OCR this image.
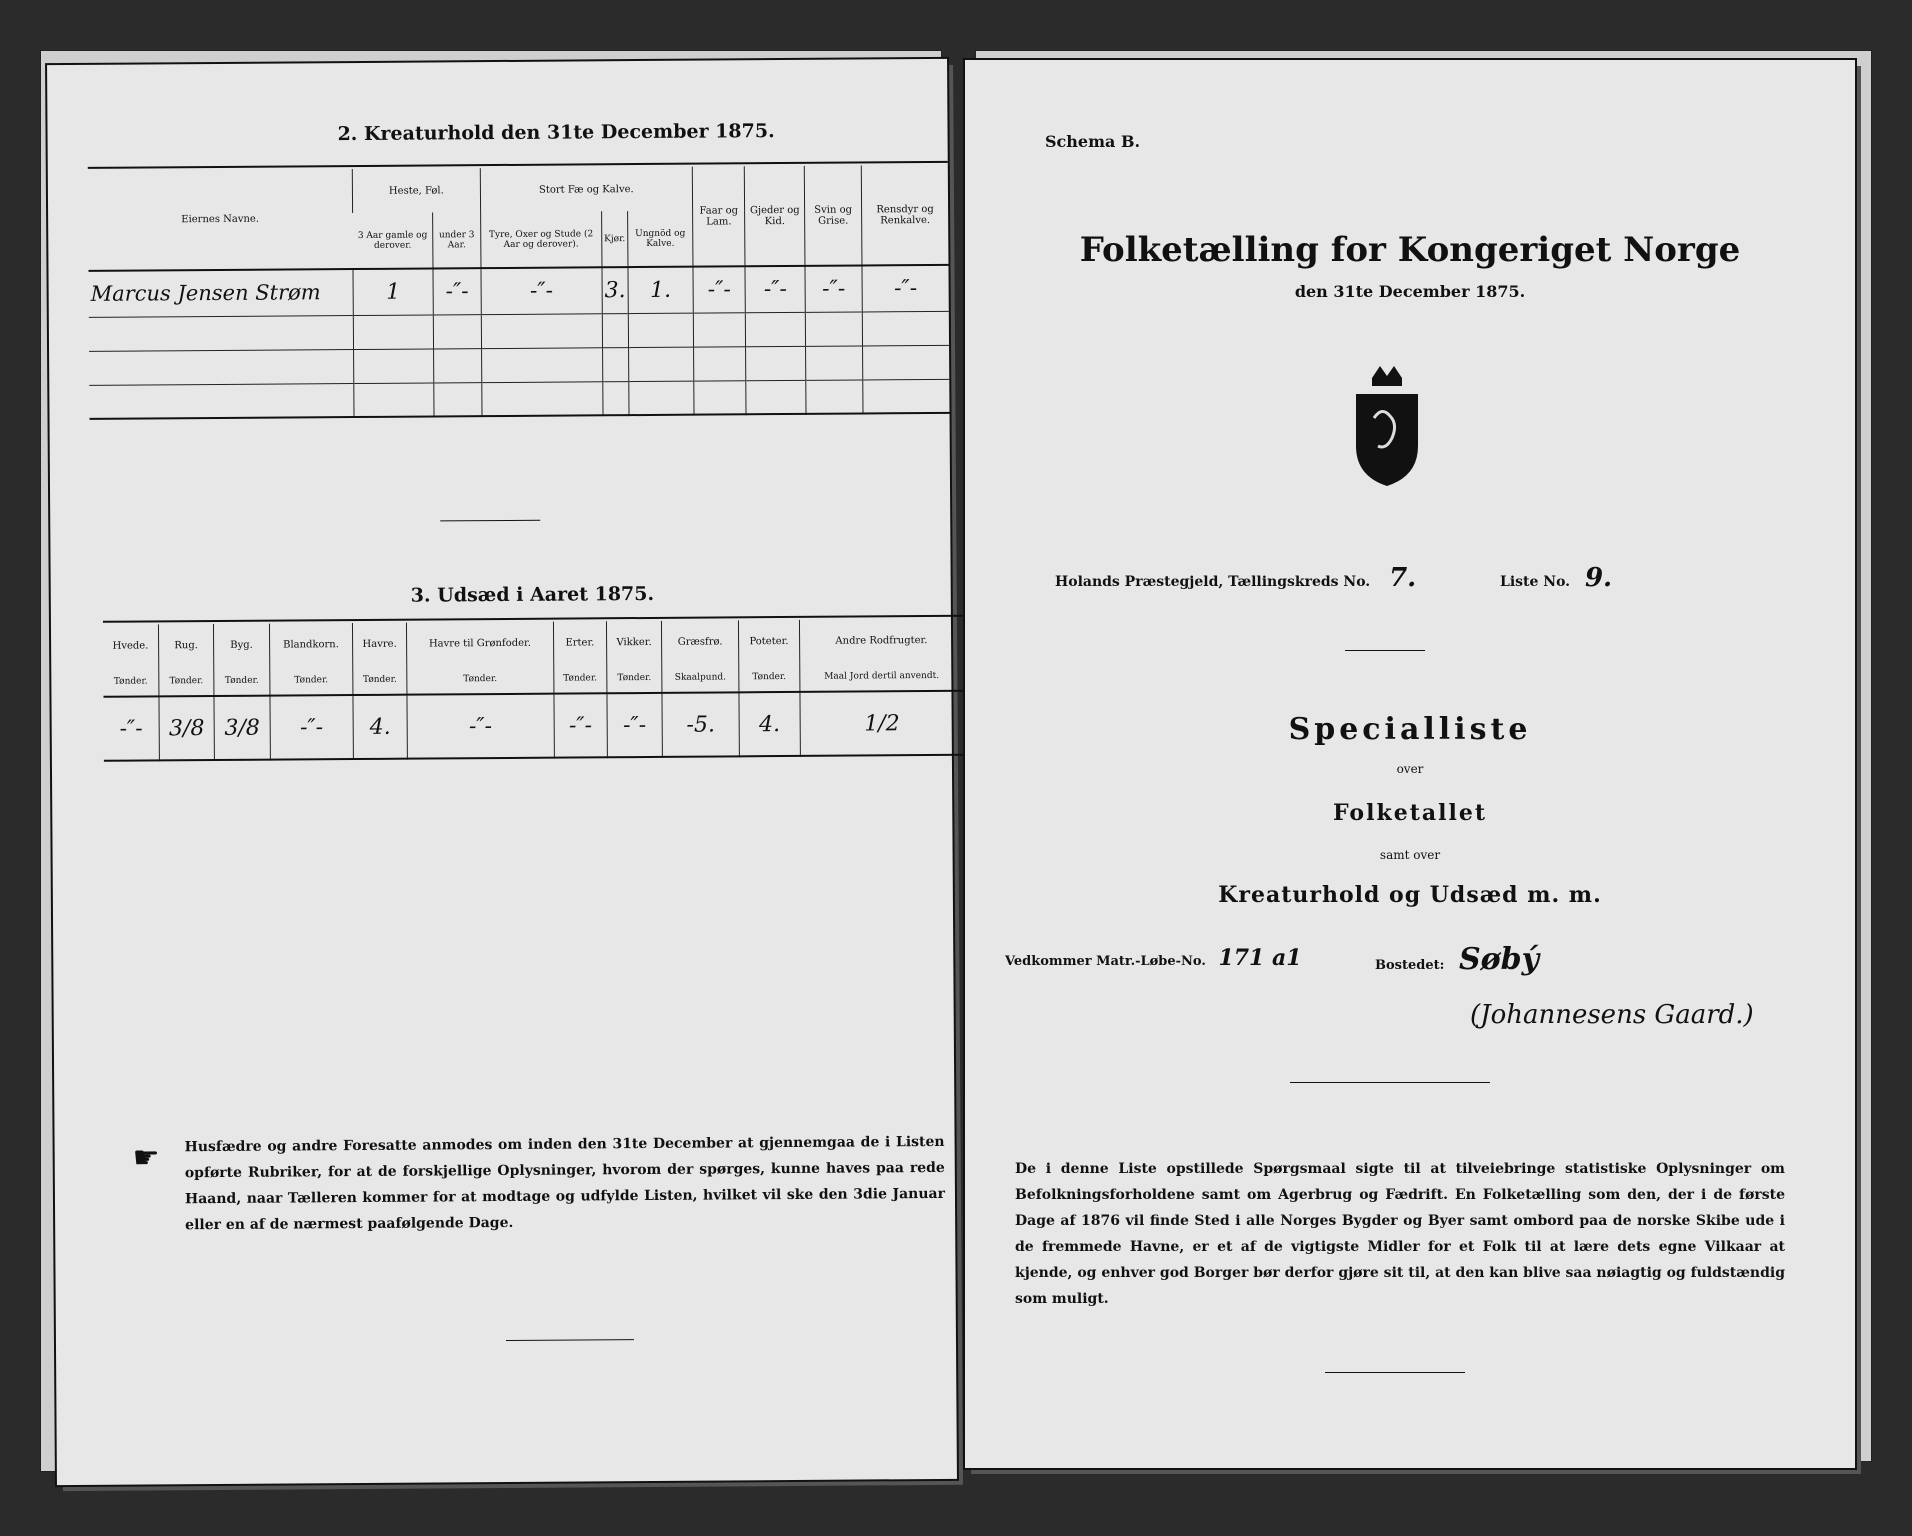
2. Kreaturhold den 31te December 1875.
Eiernes Navne.	Heste, Føl.		Stort Fæ og Kalve.			Faar og Lam.	Gjeder og Kid.	Svin og Grise.	Rensdyr og Renkalve.
	3 Aar gamle og derover.	under 3 Aar.	Tyre, Oxer og Stude (2 Aar og derover).	Kjør.	Ungnöd og Kalve.				
Marcus Jensen Strøm	1	-″-	-″-	3.	1.	-″-	-″-	-″-	-″-

3. Udsæd i Aaret 1875.
Hvede.	Rug.	Byg.	Blandkorn.	Havre.	Havre til Grønfoder.	Erter.	Vikker.	Græsfrø.	Poteter.	Andre Rodfrugter.
Tønder.	Tønder.	Tønder.	Tønder.	Tønder.	Tønder.	Tønder.	Tønder.	Skaalpund.	Tønder.	Maal Jord dertil anvendt.
-″-	3/8	3/8	-″-	4.	-″-	-″-	-″-	-5.	4.	1/2
☛ Husfædre og andre Foresatte anmodes om inden den 31te December at gjennemgaa de i Listen opførte Rubriker, for at de forskjellige Oplysninger, hvorom der spørges, kunne haves paa rede Haand, naar Tælleren kommer for at modtage og udfylde Listen, hvilket vil ske den 3die Januar eller en af de nærmest paafølgende Dage.
Schema B.
Folketælling for Kongeriget Norge
den 31te December 1875.
Holands Præstegjeld, Tællingskreds No. 7.	Liste No. 9.
Specialliste
over
Folketallet
samt over
Kreaturhold og Udsæd m. m.
Vedkommer Matr.-Løbe-No. 171 a1	Bostedet: Søbý
(Johannesens Gaard.)
De i denne Liste opstillede Spørgsmaal sigte til at tilveiebringe statistiske Oplysninger om Befolkningsforholdene samt om Agerbrug og Fædrift. En Folketælling som den, der i de første Dage af 1876 vil finde Sted i alle Norges Bygder og Byer samt ombord paa de norske Skibe ude i de fremmede Havne, er et af de vigtigste Midler for et Folk til at lære dets egne Vilkaar at kjende, og enhver god Borger bør derfor gjøre sit til, at den kan blive saa nøiagtig og fuldstændig som muligt.
